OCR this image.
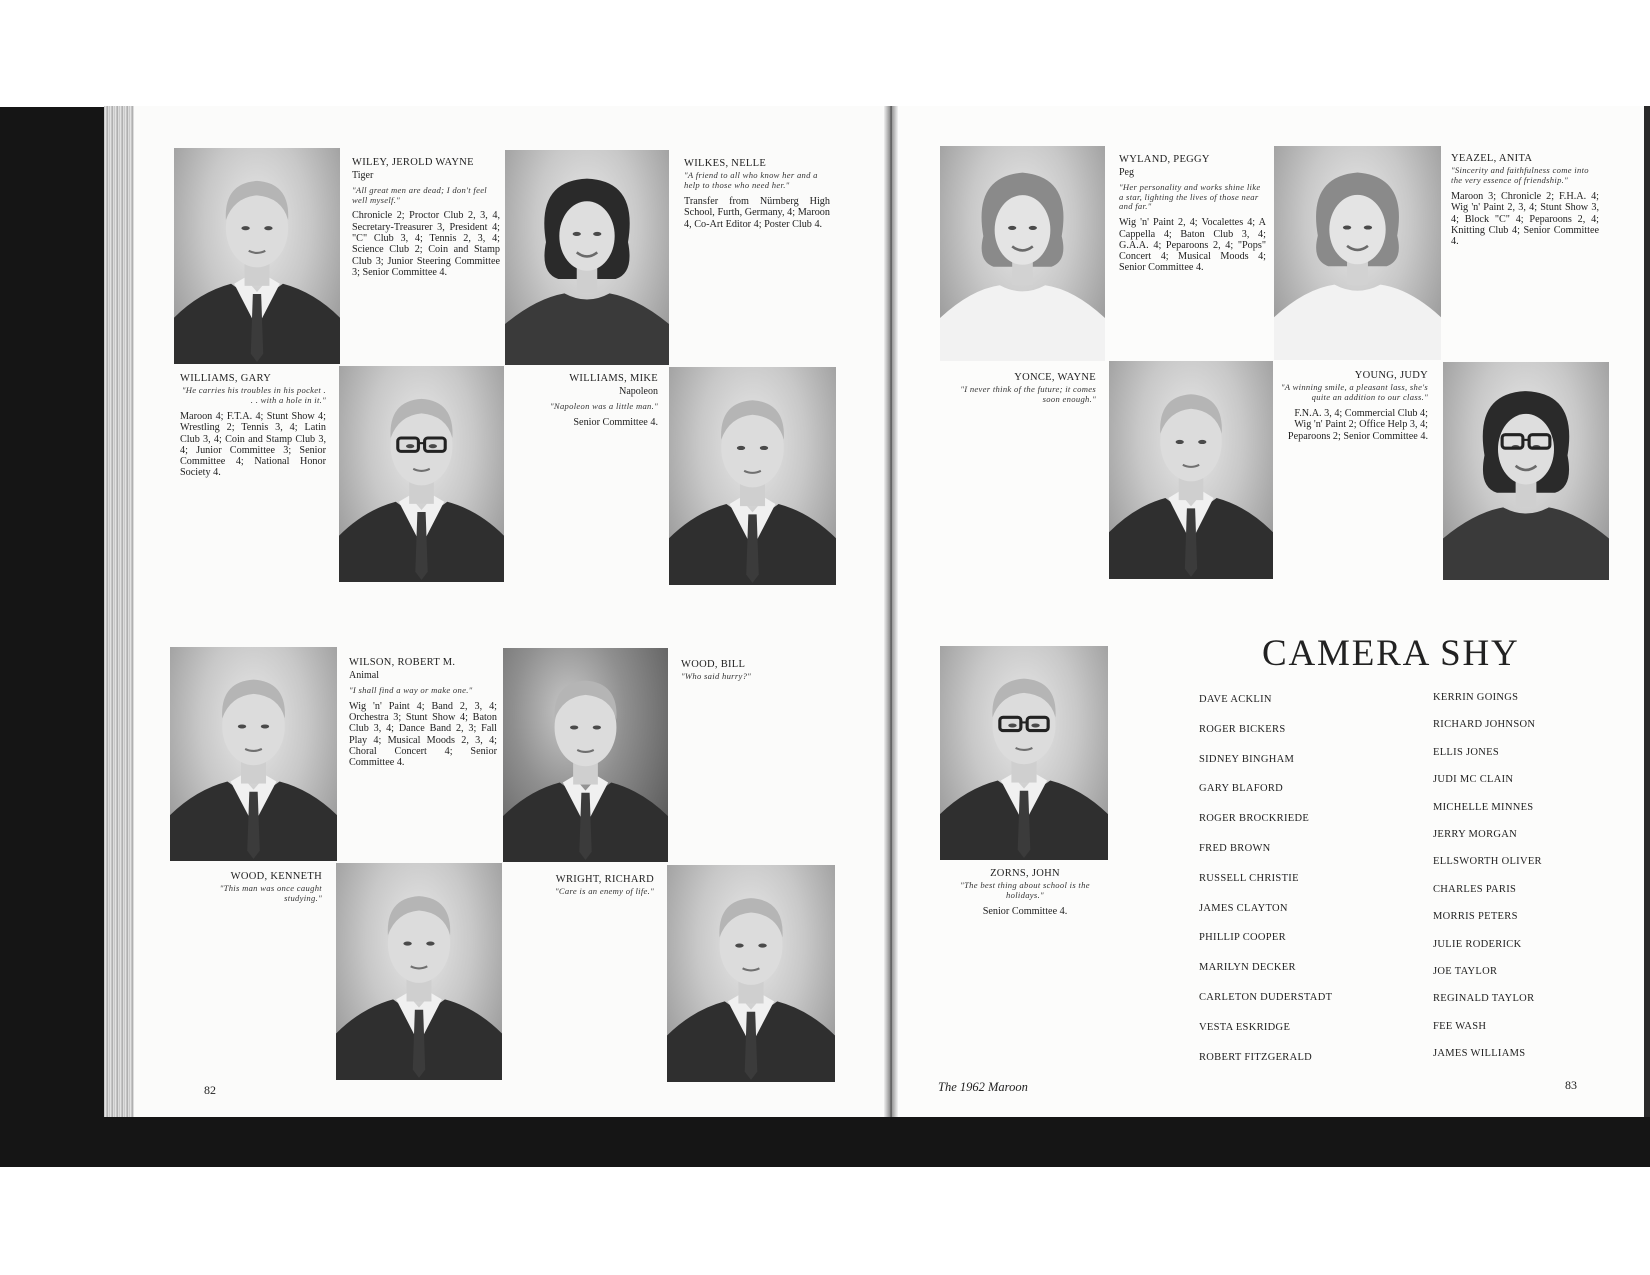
WILEY, JEROLD WAYNE
Tiger
"All great men are dead; I don't feel well myself."
Chronicle 2; Proctor Club 2, 3, 4, Secretary-Treasurer 3, President 4; "C" Club 3, 4; Tennis 2, 3, 4; Science Club 2; Coin and Stamp Club 3; Junior Steering Committee 3; Senior Committee 4.
WILKES, NELLE
"A friend to all who know her and a help to those who need her."
Transfer from Nürnberg High School, Furth, Germany, 4; Maroon 4, Co-Art Editor 4; Poster Club 4.
WILLIAMS, GARY
"He carries his troubles in his pocket . . . with a hole in it."
Maroon 4; F.T.A. 4; Stunt Show 4; Wrestling 2; Tennis 3, 4; Latin Club 3, 4; Coin and Stamp Club 3, 4; Junior Committee 3; Senior Committee 4; National Honor Society 4.
WILLIAMS, MIKE
Napoleon
"Napoleon was a little man."
Senior Committee 4.
WILSON, ROBERT M.
Animal
"I shall find a way or make one."
Wig 'n' Paint 4; Band 2, 3, 4; Orchestra 3; Stunt Show 4; Baton Club 3, 4; Dance Band 2, 3; Fall Play 4; Musical Moods 2, 3, 4; Choral Concert 4; Senior Committee 4.
WOOD, BILL
"Who said hurry?"
WOOD, KENNETH
"This man was once caught studying."
WRIGHT, RICHARD
"Care is an enemy of life."
82
WYLAND, PEGGY
Peg
"Her personality and works shine like a star, lighting the lives of those near and far."
Wig 'n' Paint 2, 4; Vocalettes 4; A Cappella 4; Baton Club 3, 4; G.A.A. 4; Peparoons 2, 4; "Pops" Concert 4; Musical Moods 4; Senior Committee 4.
YEAZEL, ANITA
"Sincerity and faithfulness come into the very essence of friendship."
Maroon 3; Chronicle 2; F.H.A. 4; Wig 'n' Paint 2, 3, 4; Stunt Show 3, 4; Block "C" 4; Peparoons 2, 4; Knitting Club 4; Senior Committee 4.
YONCE, WAYNE
"I never think of the future; it comes soon enough."
YOUNG, JUDY
"A winning smile, a pleasant lass, she's quite an addition to our class."
F.N.A. 3, 4; Commercial Club 4; Wig 'n' Paint 2; Office Help 3, 4; Peparoons 2; Senior Committee 4.
ZORNS, JOHN
"The best thing about school is the holidays."
Senior Committee 4.
CAMERA SHY
DAVE ACKLIN
ROGER BICKERS
SIDNEY BINGHAM
GARY BLAFORD
ROGER BROCKRIEDE
FRED BROWN
RUSSELL CHRISTIE
JAMES CLAYTON
PHILLIP COOPER
MARILYN DECKER
CARLETON DUDERSTADT
VESTA ESKRIDGE
ROBERT FITZGERALD
KERRIN GOINGS
RICHARD JOHNSON
ELLIS JONES
JUDI MC CLAIN
MICHELLE MINNES
JERRY MORGAN
ELLSWORTH OLIVER
CHARLES PARIS
MORRIS PETERS
JULIE RODERICK
JOE TAYLOR
REGINALD TAYLOR
FEE WASH
JAMES WILLIAMS
The 1962 Maroon	83
